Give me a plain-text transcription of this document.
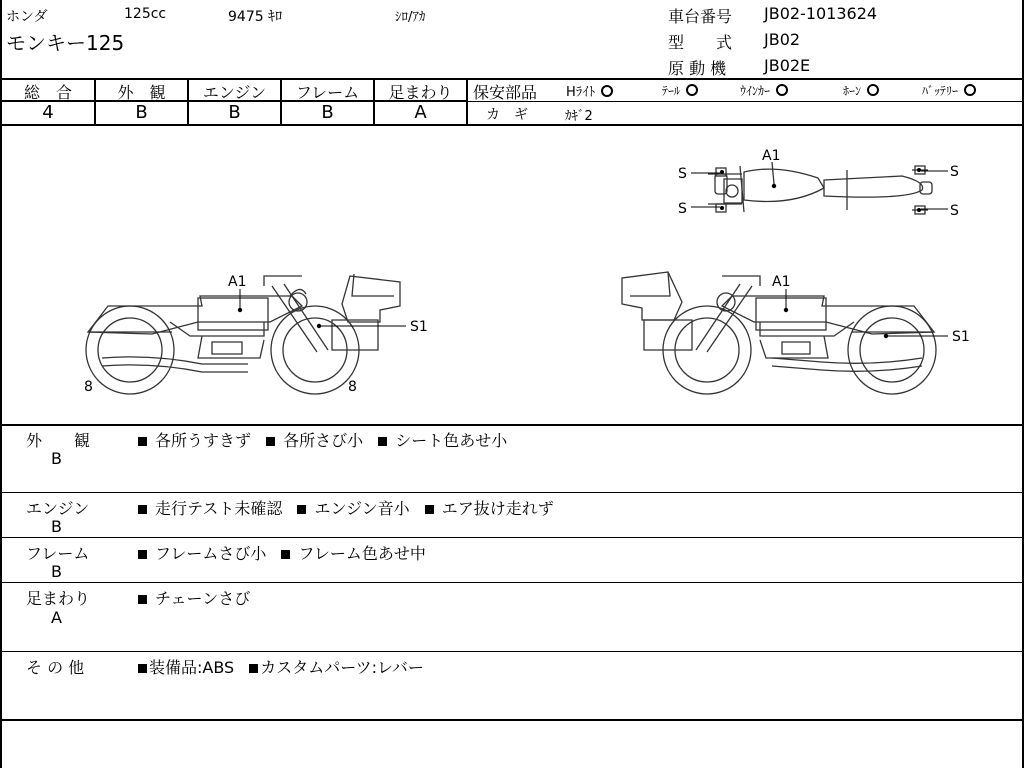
ホンダ	125cc	9475 ｷﾛ	ｼﾛ/ｱｶ
モンキー125
車台番号 JB02-1013624
型　　式 JB02
原 動 機 JB02E
総　合	外　観	エンジン	フレーム	足まわり
4	B	B	B	A
保安部品 Hﾗｲﾄ	ﾃｰﾙ	ｳｲﾝｶｰ	ﾎｰﾝ	ﾊﾞｯﾃﾘｰ
カ　ギ	ｶｷﾞ2
A1
S
S
S
S
A1
S1
8	8
A1
S1
外　　観
B
各所うすきず 各所さび小 シート色あせ小
エンジン
B
走行テスト未確認 エンジン音小 エア抜け走れず
フレーム
B
フレームさび小 フレーム色あせ中
足まわり
A
チェーンさび
そ の 他	装備品:ABS カスタムパーツ:レバー
